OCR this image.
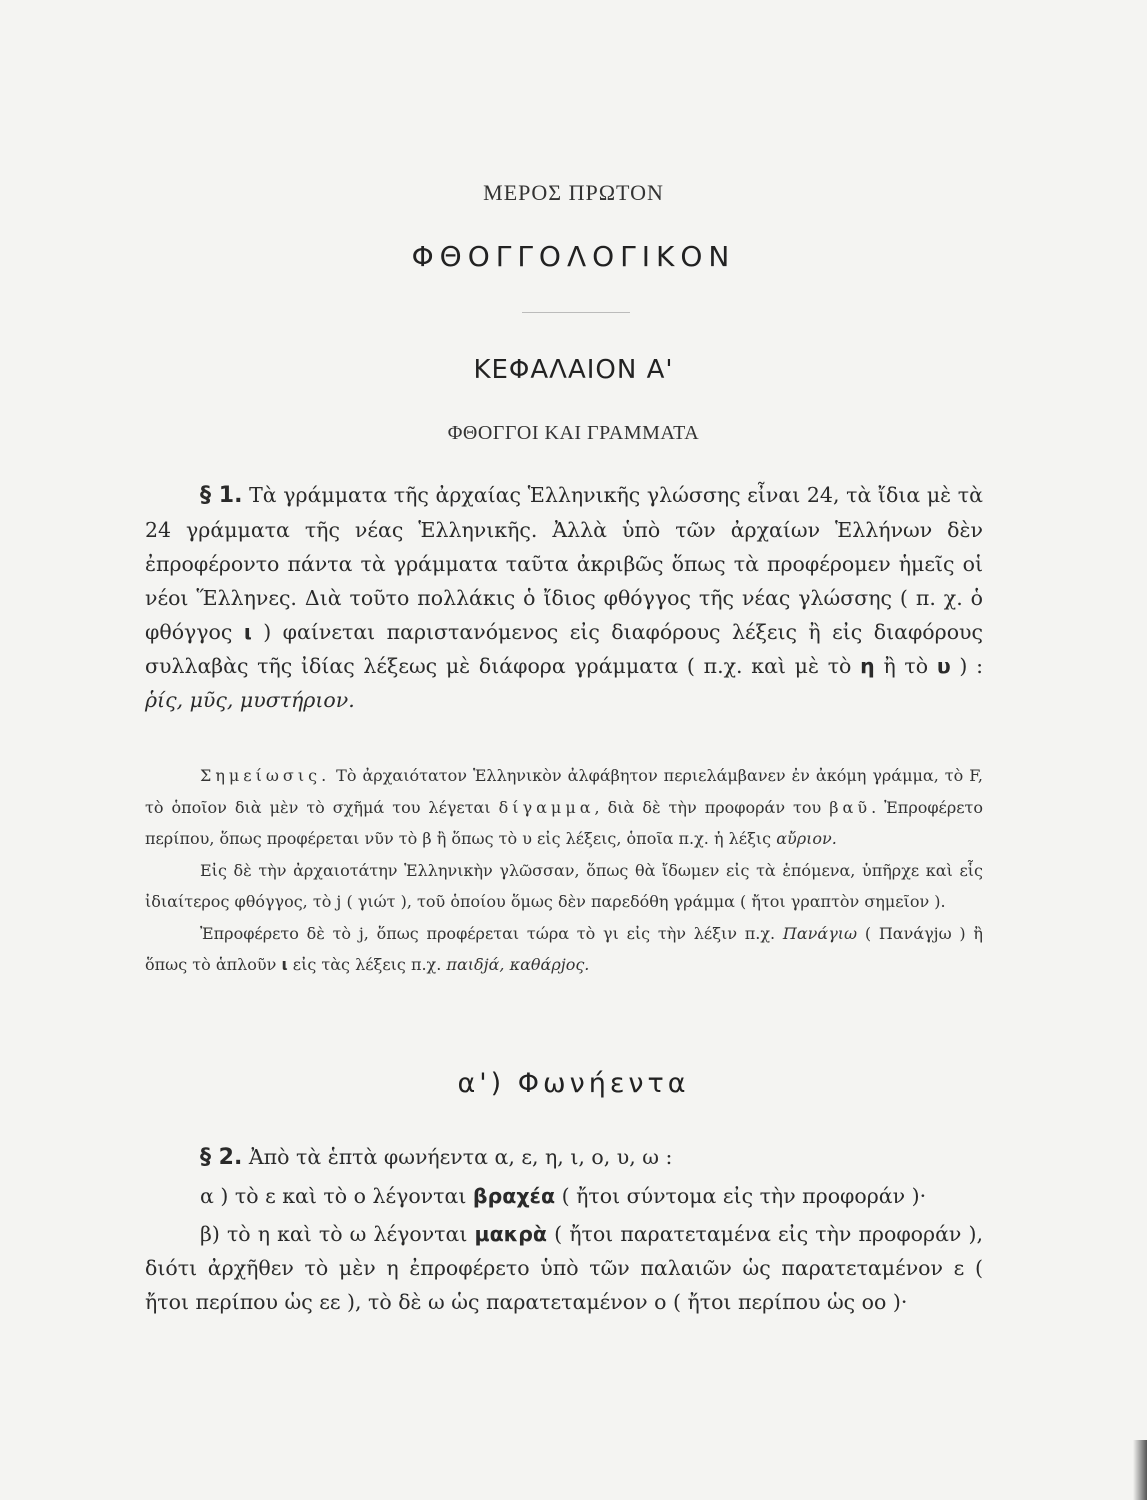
ΜΕΡΟΣ ΠΡΩΤΟΝ
ΦΘΟΓΓΟΛΟΓΙΚΟΝ
ΚΕΦΑΛΑΙΟΝ Α'
ΦΘΟΓΓΟΙ ΚΑΙ ΓΡΑΜΜΑΤΑ
§ 1. Τὰ γράμματα τῆς ἀρχαίας Ἑλληνικῆς γλώσσης εἶναι 24, τὰ ἴδια μὲ τὰ 24 γράμματα τῆς νέας Ἑλληνικῆς. Ἀλλὰ ὑπὸ τῶν ἀρχαίων Ἑλλήνων δὲν ἐπροφέροντο πάντα τὰ γράμματα ταῦτα ἀκριβῶς ὅπως τὰ προφέρομεν ἡμεῖς οἱ νέοι Ἕλληνες. Διὰ τοῦτο πολλάκις ὁ ἴδιος φθόγγος τῆς νέας γλώσσης ( π. χ. ὁ φθόγγος ι ) φαίνεται παριστανόμενος εἰς διαφόρους λέξεις ἢ εἰς διαφόρους συλλαβὰς τῆς ἰδίας λέξεως μὲ διάφορα γράμματα ( π.χ. καὶ μὲ τὸ η ἢ τὸ υ ) : ῥίς, μῦς, μυστήριον.

Σημείωσις. Τὸ ἀρχαιότατον Ἑλληνικὸν ἀλφάβητον περιελάμβανεν ἐν ἀκόμη γράμμα, τὸ F, τὸ ὁποῖον διὰ μὲν τὸ σχῆμά του λέγεται δίγαμμα, διὰ δὲ τὴν προφοράν του βαῦ. Ἐπροφέρετο περίπου, ὅπως προφέρεται νῦν τὸ β ἢ ὅπως τὸ υ εἰς λέξεις, ὁποῖα π.χ. ἡ λέξις αὔριον.

Εἰς δὲ τὴν ἀρχαιοτάτην Ἑλληνικὴν γλῶσσαν, ὅπως θὰ ἴδωμεν εἰς τὰ ἑπόμενα, ὑπῆρχε καὶ εἷς ἰδιαίτερος φθόγγος, τὸ j ( γιώτ ), τοῦ ὁποίου ὅμως δὲν παρεδόθη γράμμα ( ἤτοι γραπτὸν σημεῖον ).

Ἐπροφέρετο δὲ τὸ j, ὅπως προφέρεται τώρα τὸ γι εἰς τὴν λέξιν π.χ. Πανάγιω ( Πανάγjω ) ἢ ὅπως τὸ ἁπλοῦν ι εἰς τὰς λέξεις π.χ. παιδjά, καθάρjος.

α') Φωνήεντα

§ 2. Ἀπὸ τὰ ἑπτὰ φωνήεντα α, ε, η, ι, ο, υ, ω :

α ) τὸ ε καὶ τὸ ο λέγονται βραχέα ( ἤτοι σύντομα εἰς τὴν προφοράν )·

β) τὸ η καὶ τὸ ω λέγονται μακρὰ ( ἤτοι παρατεταμένα εἰς τὴν προφοράν ), διότι ἀρχῆθεν τὸ μὲν η ἐπροφέρετο ὑπὸ τῶν παλαιῶν ὡς παρατεταμένον ε ( ἤτοι περίπου ὡς εε ), τὸ δὲ ω ὡς παρατεταμένον ο ( ἤτοι περίπου ὡς οο )·
